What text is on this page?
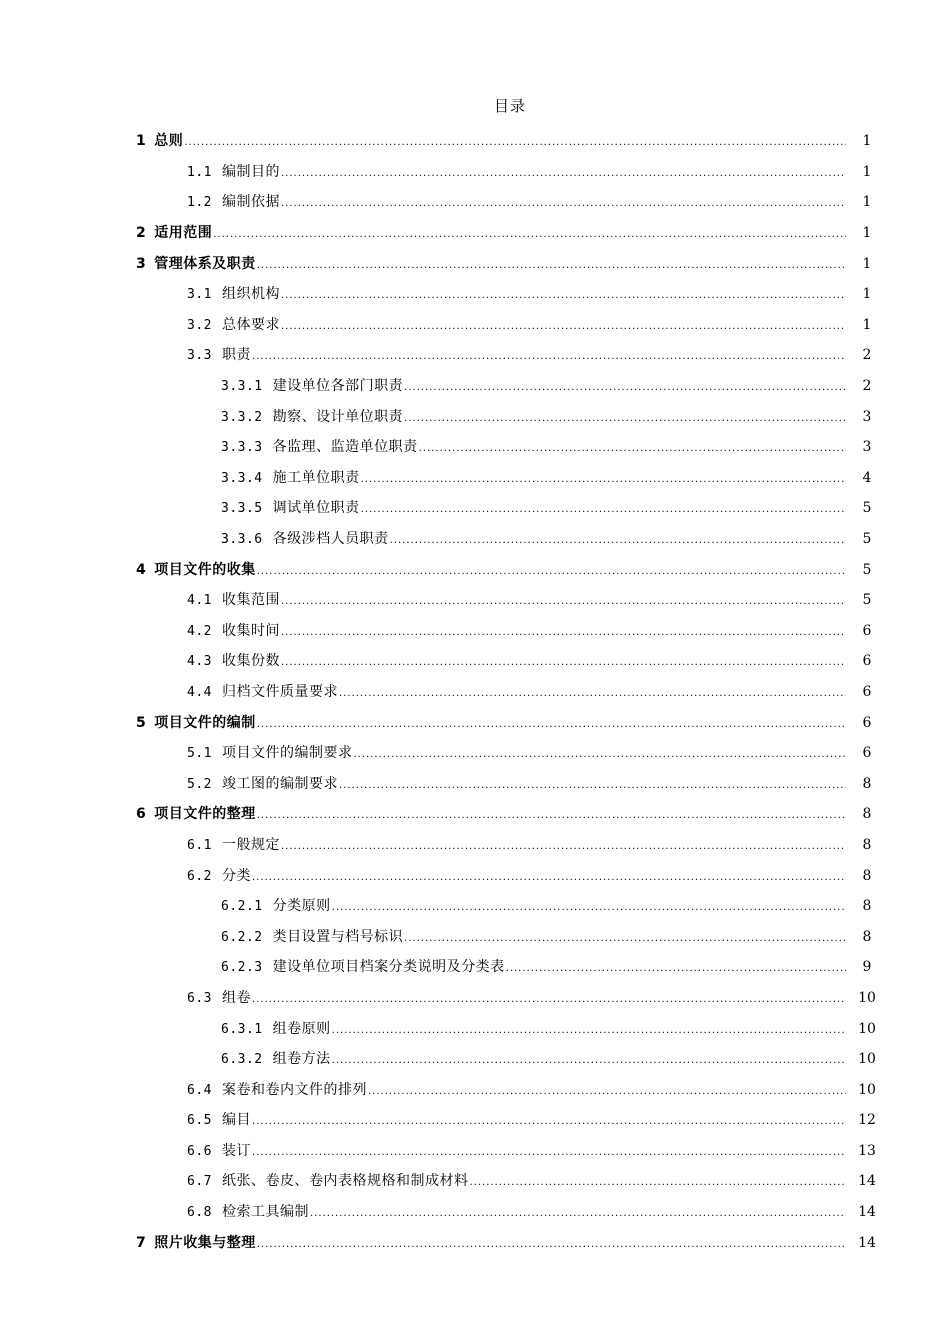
目录
1 总则 .....	1
1.1 编制目的 .....	1
1.2 编制依据 .....	1
2 适用范围 .....	1
3 管理体系及职责 .....	1
3.1 组织机构 .....	1
3.2 总体要求 .....	1
3.3 职责 .....	2
3.3.1 建设单位各部门职责 .....	2
3.3.2 勘察、设计单位职责 .....	3
3.3.3 各监理、监造单位职责 .....	3
3.3.4 施工单位职责 .....	4
3.3.5 调试单位职责 .....	5
3.3.6 各级涉档人员职责 .....	5
4 项目文件的收集 .....	5
4.1 收集范围 .....	5
4.2 收集时间 .....	6
4.3 收集份数 .....	6
4.4 归档文件质量要求 .....	6
5 项目文件的编制 .....	6
5.1 项目文件的编制要求 .....	6
5.2 竣工图的编制要求 .....	8
6 项目文件的整理 .....	8
6.1 一般规定 .....	8
6.2 分类 .....	8
6.2.1 分类原则 .....	8
6.2.2 类目设置与档号标识 .....	8
6.2.3 建设单位项目档案分类说明及分类表 .....	9
6.3 组卷 .....	10
6.3.1 组卷原则 .....	10
6.3.2 组卷方法 .....	10
6.4 案卷和卷内文件的排列 .....	10
6.5 编目 .....	12
6.6 装订 .....	13
6.7 纸张、卷皮、卷内表格规格和制成材料 .....	14
6.8 检索工具编制 .....	14
7 照片收集与整理 .....	14
